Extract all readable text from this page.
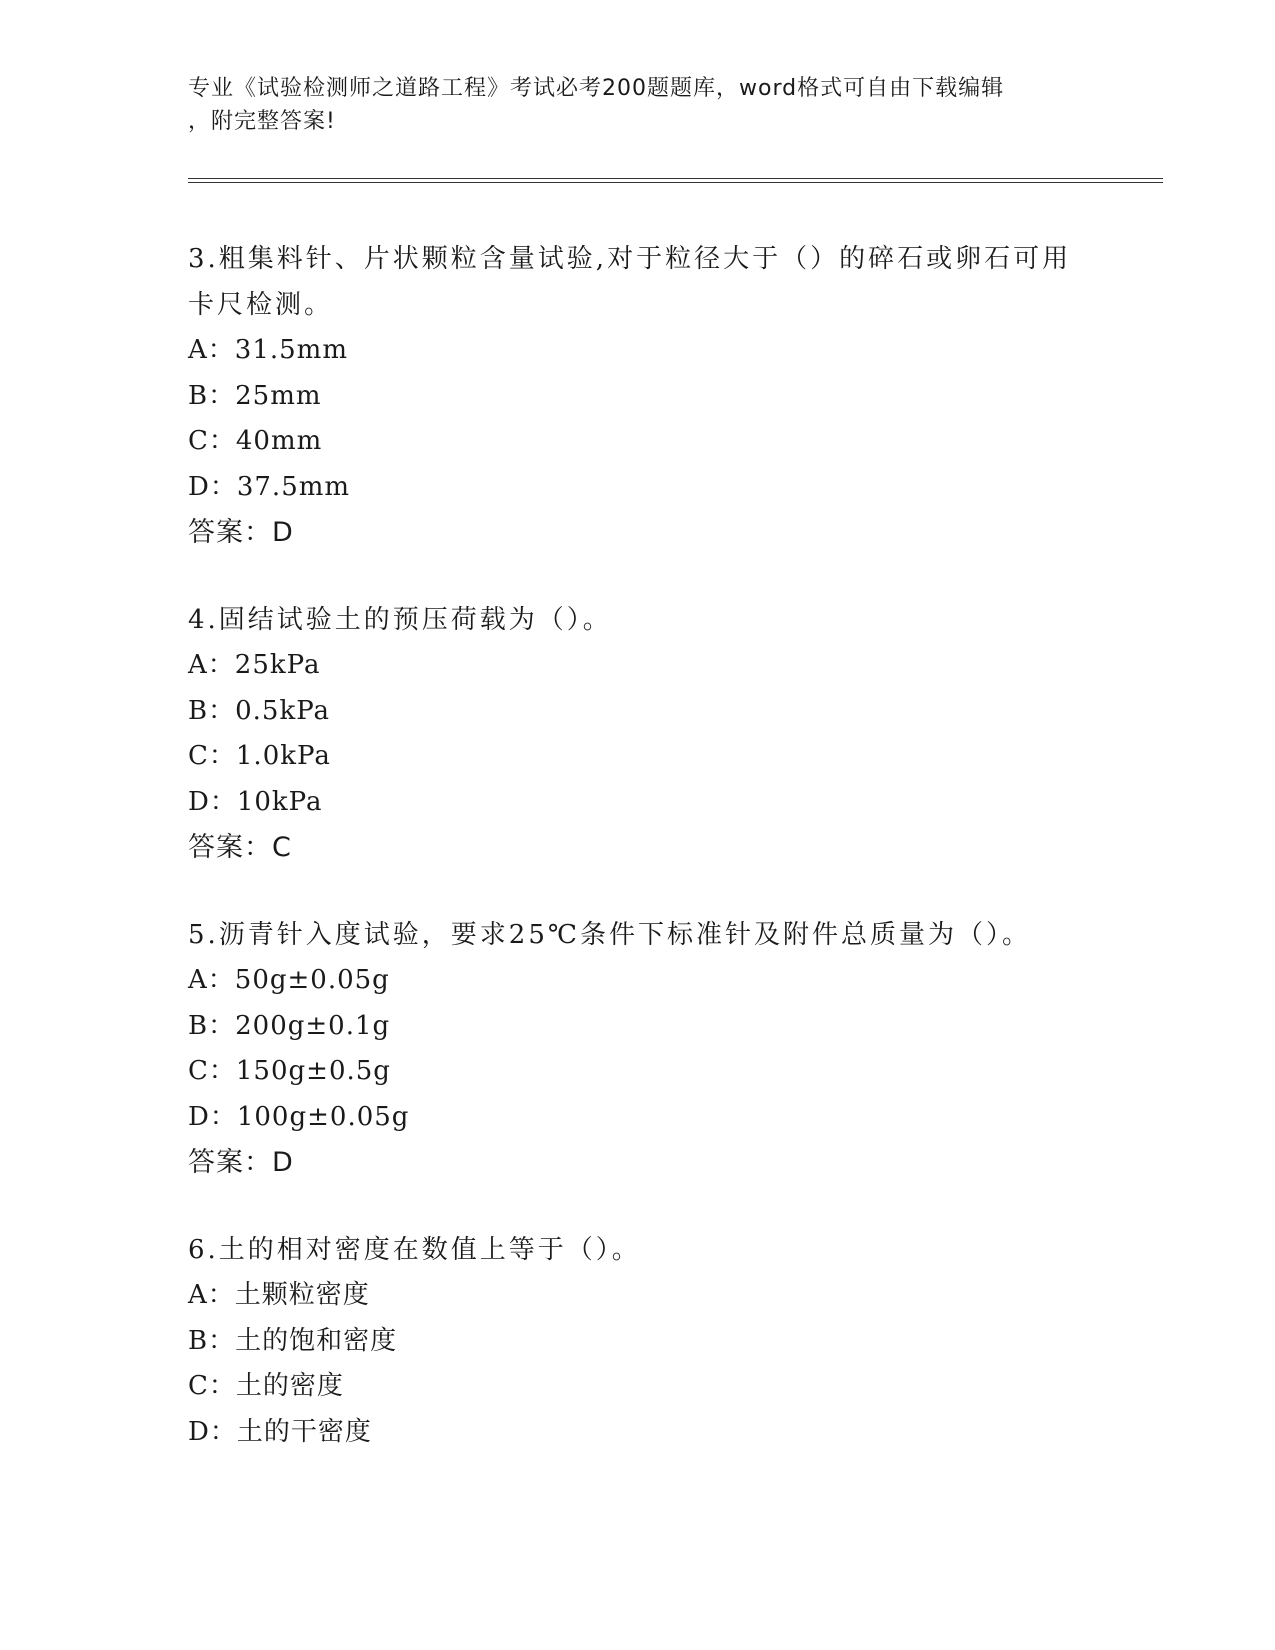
专业《试验检测师之道路工程》考试必考200题题库，word格式可自由下载编辑
，附完整答案!

3.粗集料针、片状颗粒含量试验,对于粒径大于（）的碎石或卵石可用

卡尺检测。

A：31.5mm

B：25mm

C：40mm

D：37.5mm

答案：D

4.固结试验土的预压荷载为（）。

A：25kPa

B：0.5kPa

C：1.0kPa

D：10kPa

答案：C

5.沥青针入度试验，要求25℃条件下标准针及附件总质量为（）。

A：50g±0.05g

B：200g±0.1g

C：150g±0.5g

D：100g±0.05g

答案：D

6.土的相对密度在数值上等于（）。

A：土颗粒密度

B：土的饱和密度

C：土的密度

D：土的干密度
